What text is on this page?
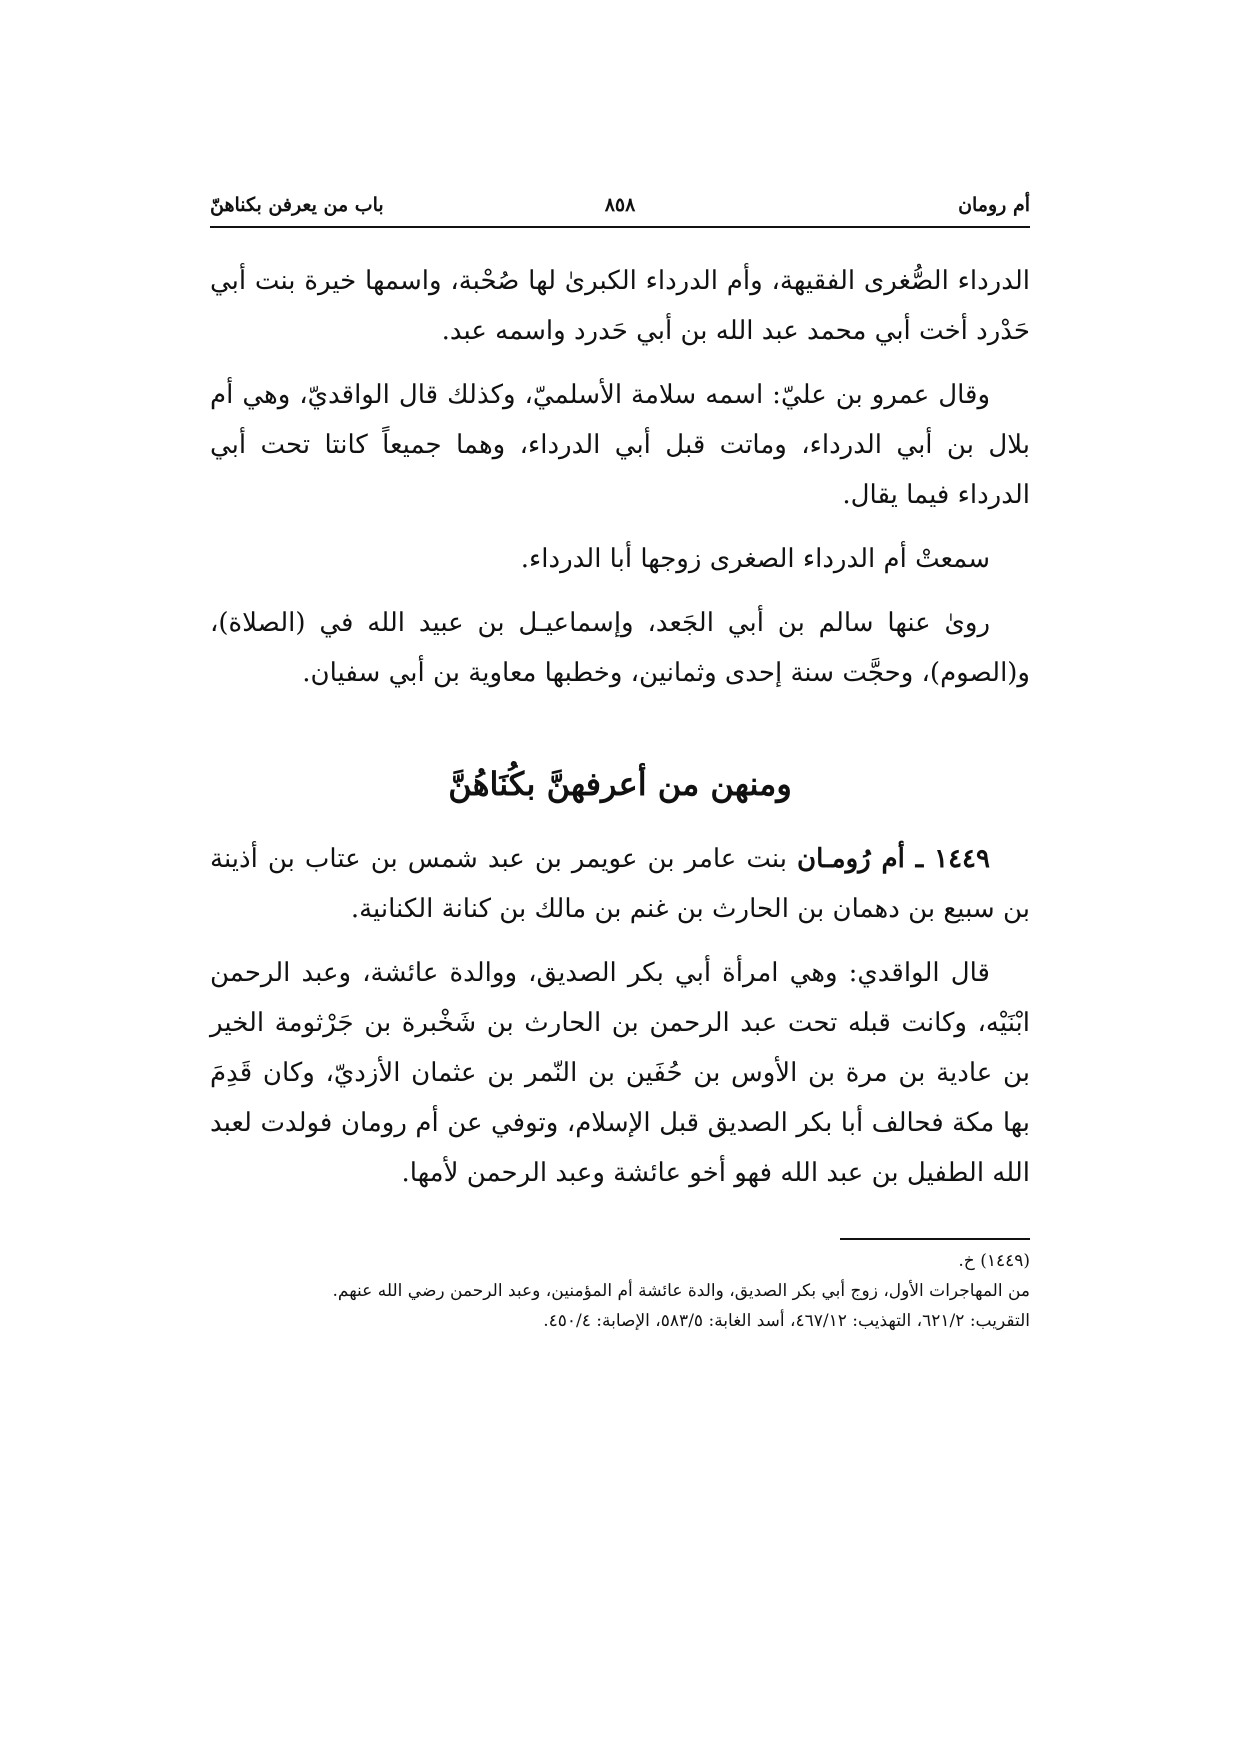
أم رومان
٨٥٨
باب من يعرفن بكناهنّ

الدرداء الصُّغرى الفقيهة، وأم الدرداء الكبرىٰ لها صُحْبة، واسمها خيرة بنت أبي حَدْرد أخت أبي محمد عبد الله بن أبي حَدرد واسمه عبد.

وقال عمرو بن عليّ: اسمه سلامة الأسلميّ، وكذلك قال الواقديّ، وهي أم بلال بن أبي الدرداء، وماتت قبل أبي الدرداء، وهما جميعاً كانتا تحت أبي الدرداء فيما يقال.

سمعتْ أم الدرداء الصغرى زوجها أبا الدرداء.

روىٰ عنها سالم بن أبي الجَعد، وإسماعيـل بن عبيد الله في (الصلاة)، و(الصوم)، وحجَّت سنة إحدى وثمانين، وخطبها معاوية بن أبي سفيان.

ومنهن من أعرفهنَّ بكُنَاهُنَّ

١٤٤٩ ـ أم رُومـان بنت عامر بن عويمر بن عبد شمس بن عتاب بن أذينة بن سبيع بن دهمان بن الحارث بن غنم بن مالك بن كنانة الكنانية.

قال الواقدي: وهي امرأة أبي بكر الصديق، ووالدة عائشة، وعبد الرحمن ابْنَيْه، وكانت قبله تحت عبد الرحمن بن الحارث بن شَخْبرة بن جَرْثومة الخير بن عادية بن مرة بن الأوس بن حُفَين بن النّمر بن عثمان الأزديّ، وكان قَدِمَ بها مكة فحالف أبا بكر الصديق قبل الإسلام، وتوفي عن أم رومان فولدت لعبد الله الطفيل بن عبد الله فهو أخو عائشة وعبد الرحمن لأمها.

(١٤٤٩) خ.

من المهاجرات الأول، زوج أبي بكر الصديق، والدة عائشة أم المؤمنين، وعبد الرحمن رضي الله عنهم.

التقريب: ٦٢١/٢، التهذيب: ٤٦٧/١٢، أسد الغابة: ٥٨٣/٥، الإصابة: ٤٥٠/٤.
